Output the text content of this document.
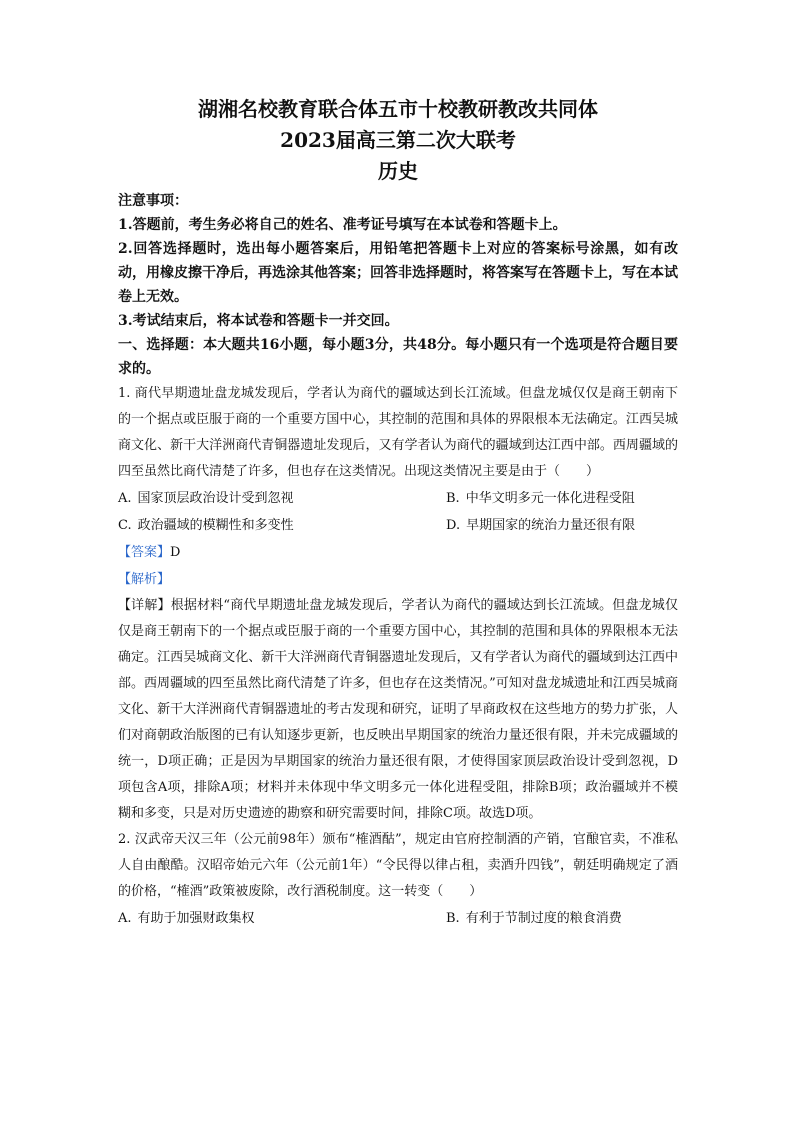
湖湘名校教育联合体五市十校教研教改共同体

2023届高三第二次大联考

历史

注意事项：

1.答题前，考生务必将自己的姓名、准考证号填写在本试卷和答题卡上。

2.回答选择题时，选出每小题答案后，用铅笔把答题卡上对应的答案标号涂黑，如有改动，用橡皮擦干净后，再选涂其他答案；回答非选择题时，将答案写在答题卡上，写在本试卷上无效。

3.考试结束后，将本试卷和答题卡一并交回。

一、选择题：本大题共16小题，每小题3分，共48分。每小题只有一个选项是符合题目要求的。

1. 商代早期遗址盘龙城发现后，学者认为商代的疆域达到长江流域。但盘龙城仅仅是商王朝南下的一个据点或臣服于商的一个重要方国中心，其控制的范围和具体的界限根本无法确定。江西吴城商文化、新干大洋洲商代青铜器遗址发现后，又有学者认为商代的疆域到达江西中部。西周疆域的四至虽然比商代清楚了许多，但也存在这类情况。出现这类情况主要是由于（　　）

A. 国家顶层政治设计受到忽视	B. 中华文明多元一体化进程受阻
C. 政治疆域的模糊性和多变性	D. 早期国家的统治力量还很有限

【答案】D

【解析】

【详解】根据材料“商代早期遗址盘龙城发现后，学者认为商代的疆域达到长江流域。但盘龙城仅仅是商王朝南下的一个据点或臣服于商的一个重要方国中心，其控制的范围和具体的界限根本无法确定。江西吴城商文化、新干大洋洲商代青铜器遗址发现后，又有学者认为商代的疆域到达江西中部。西周疆域的四至虽然比商代清楚了许多，但也存在这类情况。”可知对盘龙城遗址和江西吴城商文化、新干大洋洲商代青铜器遗址的考古发现和研究，证明了早商政权在这些地方的势力扩张，人们对商朝政治版图的已有认知逐步更新，也反映出早期国家的统治力量还很有限，并未完成疆域的统一，D项正确；正是因为早期国家的统治力量还很有限，才使得国家顶层政治设计受到忽视，D项包含A项，排除A项；材料并未体现中华文明多元一体化进程受阻，排除B项；政治疆域并不模糊和多变，只是对历史遗迹的勘察和研究需要时间，排除C项。故选D项。

2. 汉武帝天汉三年（公元前98年）颁布“榷酒酤”，规定由官府控制酒的产销，官酿官卖，不准私人自由酿酷。汉昭帝始元六年（公元前1年）“令民得以律占租，卖酒升四钱”，朝廷明确规定了酒的价格，“榷酒”政策被废除，改行酒税制度。这一转变（　　）

A. 有助于加强财政集权	B. 有利于节制过度的粮食消费
